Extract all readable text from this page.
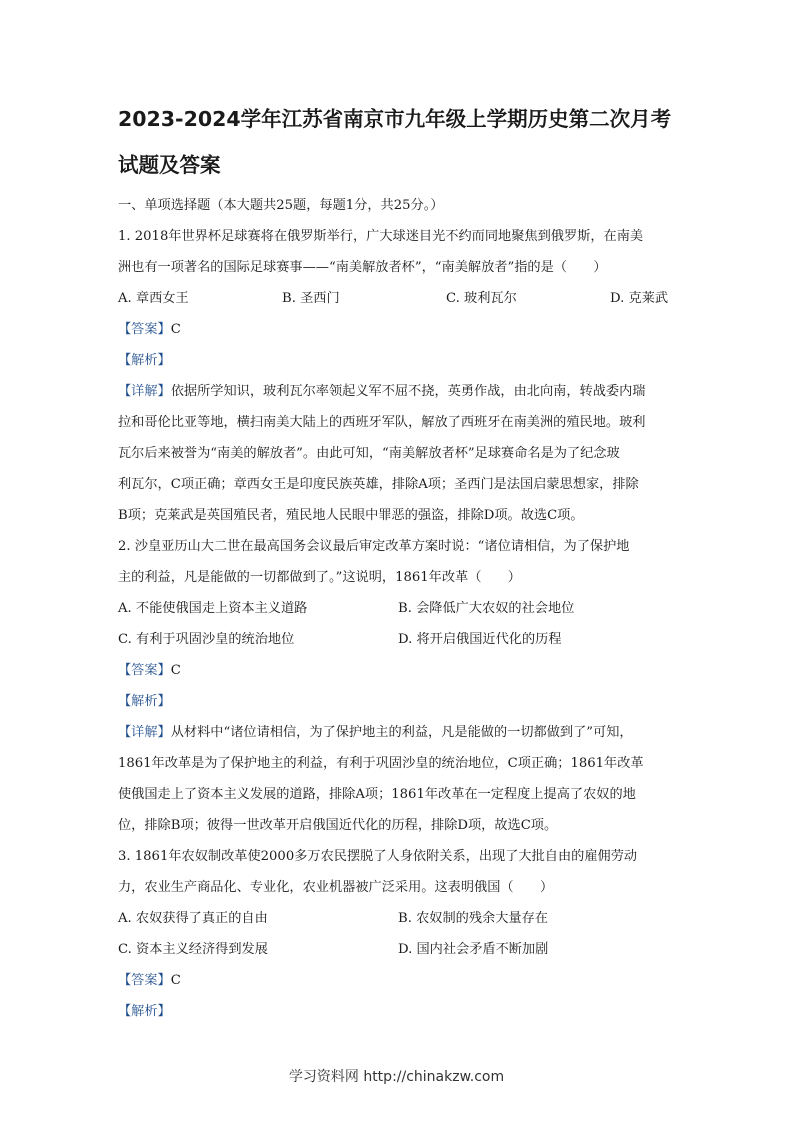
2023-2024学年江苏省南京市九年级上学期历史第二次月考
试题及答案

一、单项选择题（本大题共25题，每题1分，共25分。）

1. 2018年世界杯足球赛将在俄罗斯举行，广大球迷目光不约而同地聚焦到俄罗斯，在南美

洲也有一项著名的国际足球赛事——“南美解放者杯”，“南美解放者”指的是（　　）

A. 章西女王	B. 圣西门	C. 玻利瓦尔	D. 克莱武

【答案】C

【解析】

【详解】依据所学知识，玻利瓦尔率领起义军不屈不挠，英勇作战，由北向南，转战委内瑞

拉和哥伦比亚等地，横扫南美大陆上的西班牙军队，解放了西班牙在南美洲的殖民地。玻利

瓦尔后来被誉为“南美的解放者”。由此可知，“南美解放者杯”足球赛命名是为了纪念玻

利瓦尔，C项正确；章西女王是印度民族英雄，排除A项；圣西门是法国启蒙思想家，排除

B项；克莱武是英国殖民者，殖民地人民眼中罪恶的强盗，排除D项。故选C项。

2. 沙皇亚历山大二世在最高国务会议最后审定改革方案时说：“诸位请相信，为了保护地

主的利益，凡是能做的一切都做到了。”这说明，1861年改革（　　）

A. 不能使俄国走上资本主义道路	B. 会降低广大农奴的社会地位
C. 有利于巩固沙皇的统治地位	D. 将开启俄国近代化的历程

【答案】C

【解析】

【详解】从材料中“诸位请相信，为了保护地主的利益，凡是能做的一切都做到了”可知，

1861年改革是为了保护地主的利益，有利于巩固沙皇的统治地位，C项正确；1861年改革

使俄国走上了资本主义发展的道路，排除A项；1861年改革在一定程度上提高了农奴的地

位，排除B项；彼得一世改革开启俄国近代化的历程，排除D项，故选C项。

3. 1861年农奴制改革使2000多万农民摆脱了人身依附关系，出现了大批自由的雇佣劳动

力，农业生产商品化、专业化，农业机器被广泛采用。这表明俄国（　　）

A. 农奴获得了真正的自由	B. 农奴制的残余大量存在
C. 资本主义经济得到发展	D. 国内社会矛盾不断加剧

【答案】C

【解析】

学习资料网 http://chinakzw.com
